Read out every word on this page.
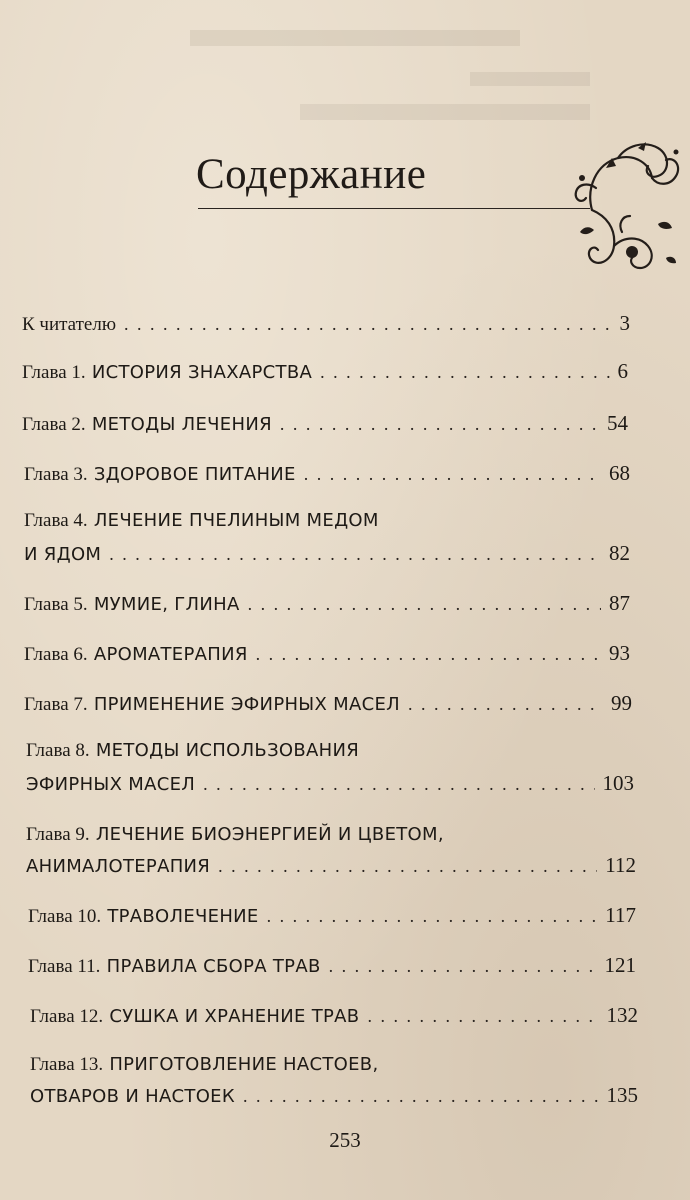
Содержание
К читателю . . .	3
Глава 1. ИСТОРИЯ ЗНАХАРСТВА . . .	6
Глава 2. МЕТОДЫ ЛЕЧЕНИЯ . . .	54
Глава 3. ЗДОРОВОЕ ПИТАНИЕ . . .	68
Глава 4. ЛЕЧЕНИЕ ПЧЕЛИНЫМ МЕДОМ
И ЯДОМ . . .	82
Глава 5. МУМИЕ, ГЛИНА . . .	87
Глава 6. АРОМАТЕРАПИЯ . . .	93
Глава 7. ПРИМЕНЕНИЕ ЭФИРНЫХ МАСЕЛ . . .	99
Глава 8. МЕТОДЫ ИСПОЛЬЗОВАНИЯ
ЭФИРНЫХ МАСЕЛ . . .	103
Глава 9. ЛЕЧЕНИЕ БИОЭНЕРГИЕЙ И ЦВЕТОМ,
АНИМАЛОТЕРАПИЯ . . .	112
Глава 10. ТРАВОЛЕЧЕНИЕ . . .	117
Глава 11. ПРАВИЛА СБОРА ТРАВ . . .	121
Глава 12. СУШКА И ХРАНЕНИЕ ТРАВ . . .	132
Глава 13. ПРИГОТОВЛЕНИЕ НАСТОЕВ,
ОТВАРОВ И НАСТОЕК . . .	135
253
